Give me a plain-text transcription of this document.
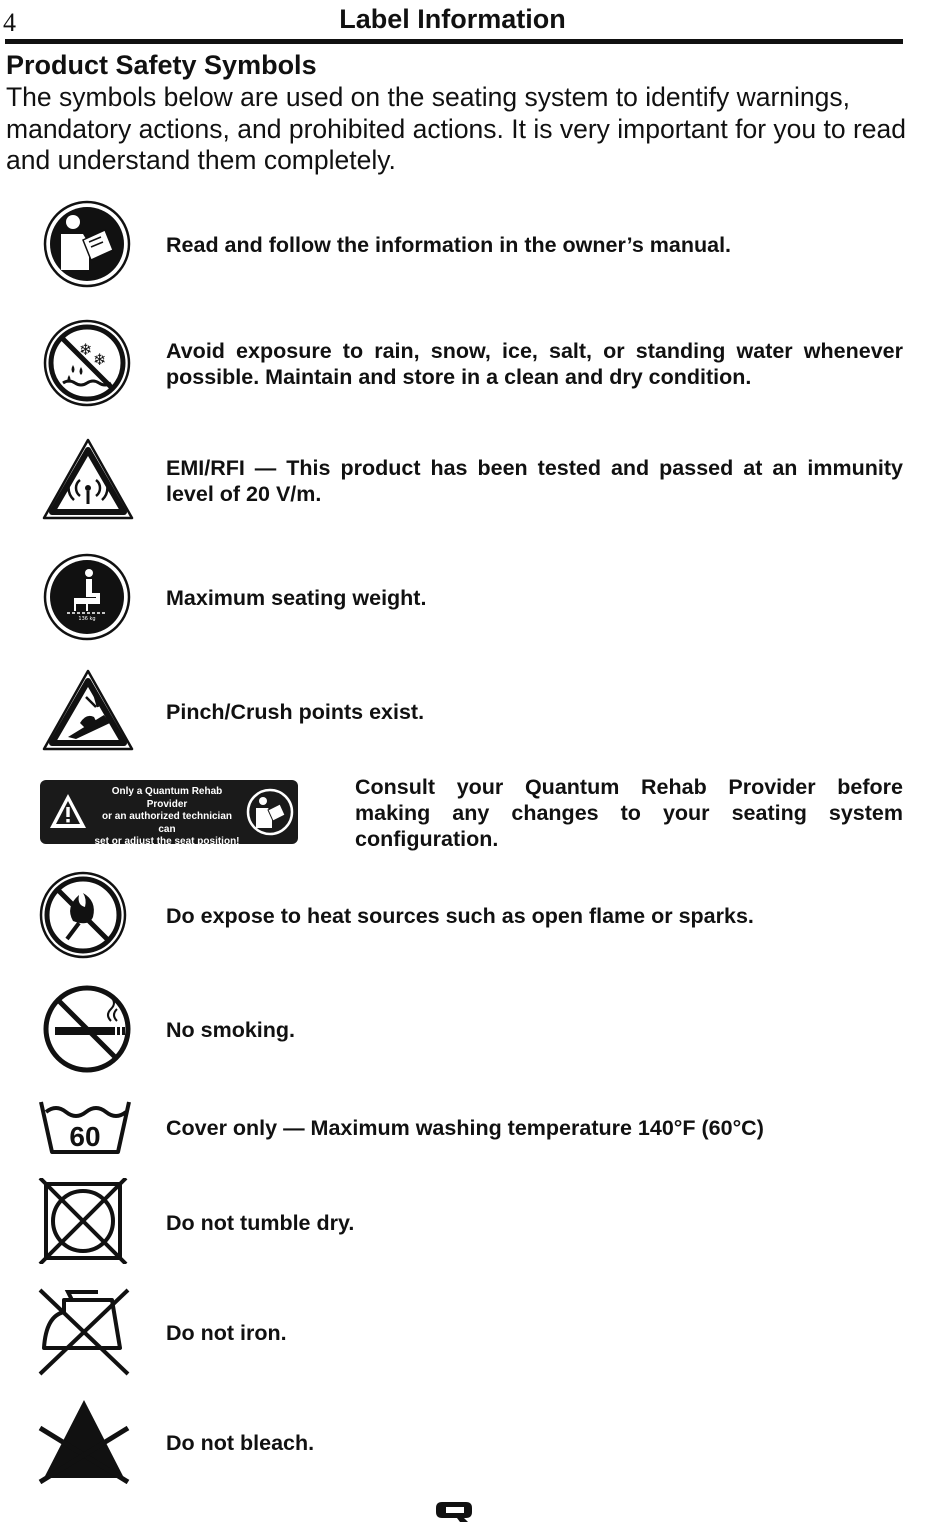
4	Label Information
Product Safety Symbols

The symbols below are used on the seating system to identify warnings, mandatory actions, and prohibited actions. It is very important for you to read and understand them completely.

Read and follow the information in the owner’s manual.
❄
❄	Avoid exposure to rain, snow, ice, salt, or standing water whenever possible. Maintain and store in a clean and dry condition.
EMI/RFI — This product has been tested and passed at an immunity level of 20 V/m.
136 kg
Maximum seating weight.
Pinch/Crush points exist.
Only a Quantum Rehab Provider
or an authorized technician can
set or adjust the seat position!
Refer to Owner’s Manual.
Consult your Quantum Rehab Provider before making any changes to your seating system configuration.
Do expose to heat sources such as open flame or sparks.
No smoking.
60	Cover only — Maximum washing temperature 140°F (60°C)
Do not tumble dry.
Do not iron.
Do not bleach.
